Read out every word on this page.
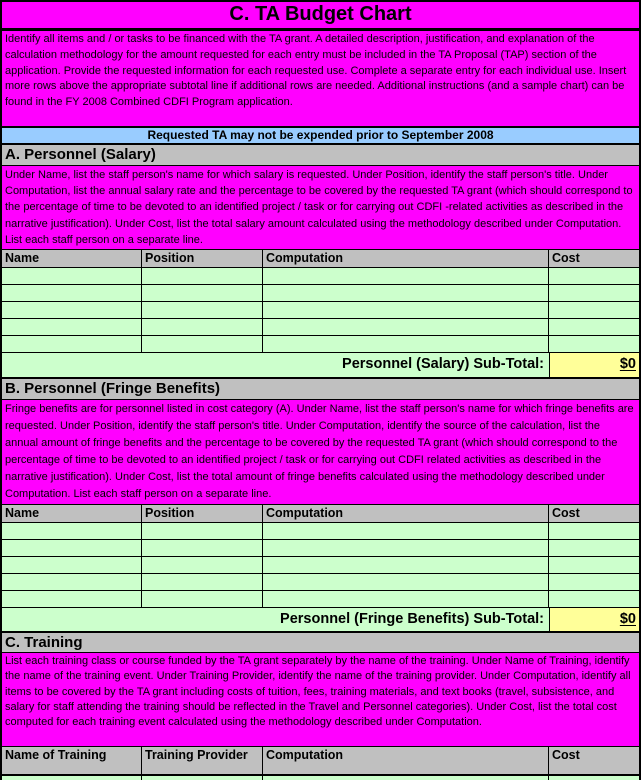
C. TA Budget Chart
Identify all items and / or tasks to be financed with the TA grant. A detailed description, justification, and explanation of the calculation methodology for the amount requested for each entry must be included in the TA Proposal (TAP) section of the application. Provide the requested information for each requested use. Complete a separate entry for each individual use. Insert more rows above the appropriate subtotal line if additional rows are needed. Additional instructions (and a sample chart) can be found in the FY 2008 Combined CDFI Program application.
Requested TA may not be expended prior to September 2008
A. Personnel (Salary)
Under Name, list the staff person's name for which salary is requested. Under Position, identify the staff person's title. Under Computation, list the annual salary rate and the percentage to be covered by the requested TA grant (which should correspond to the percentage of time to be devoted to an identified project / task or for carrying out CDFI -related activities as described in the narrative justification). Under Cost, list the total salary amount calculated using the methodology described under Computation. List each staff person on a separate line.
Name	Position	Computation	Cost
Personnel (Salary) Sub-Total:	$0
B. Personnel (Fringe Benefits)
Fringe benefits are for personnel listed in cost category (A). Under Name, list the staff person's name for which fringe benefits are requested. Under Position, identify the staff person's title. Under Computation, identify the source of the calculation, list the annual amount of fringe benefits and the percentage to be covered by the requested TA grant (which should correspond to the percentage of time to be devoted to an identified project / task or for carrying out CDFI related activities as described in the narrative justification). Under Cost, list the total amount of fringe benefits calculated using the methodology described under Computation. List each staff person on a separate line.
Name	Position	Computation	Cost
Personnel (Fringe Benefits) Sub-Total:	$0
C. Training
List each training class or course funded by the TA grant separately by the name of the training. Under Name of Training, identify the name of the training event. Under Training Provider, identify the name of the training provider. Under Computation, identify all items to be covered by the TA grant including costs of tuition, fees, training materials, and text books (travel, subsistence, and salary for staff attending the training should be reflected in the Travel and Personnel categories). Under Cost, list the total cost computed for each training event calculated using the methodology described under Computation.
Name of Training	Training Provider	Computation	Cost
